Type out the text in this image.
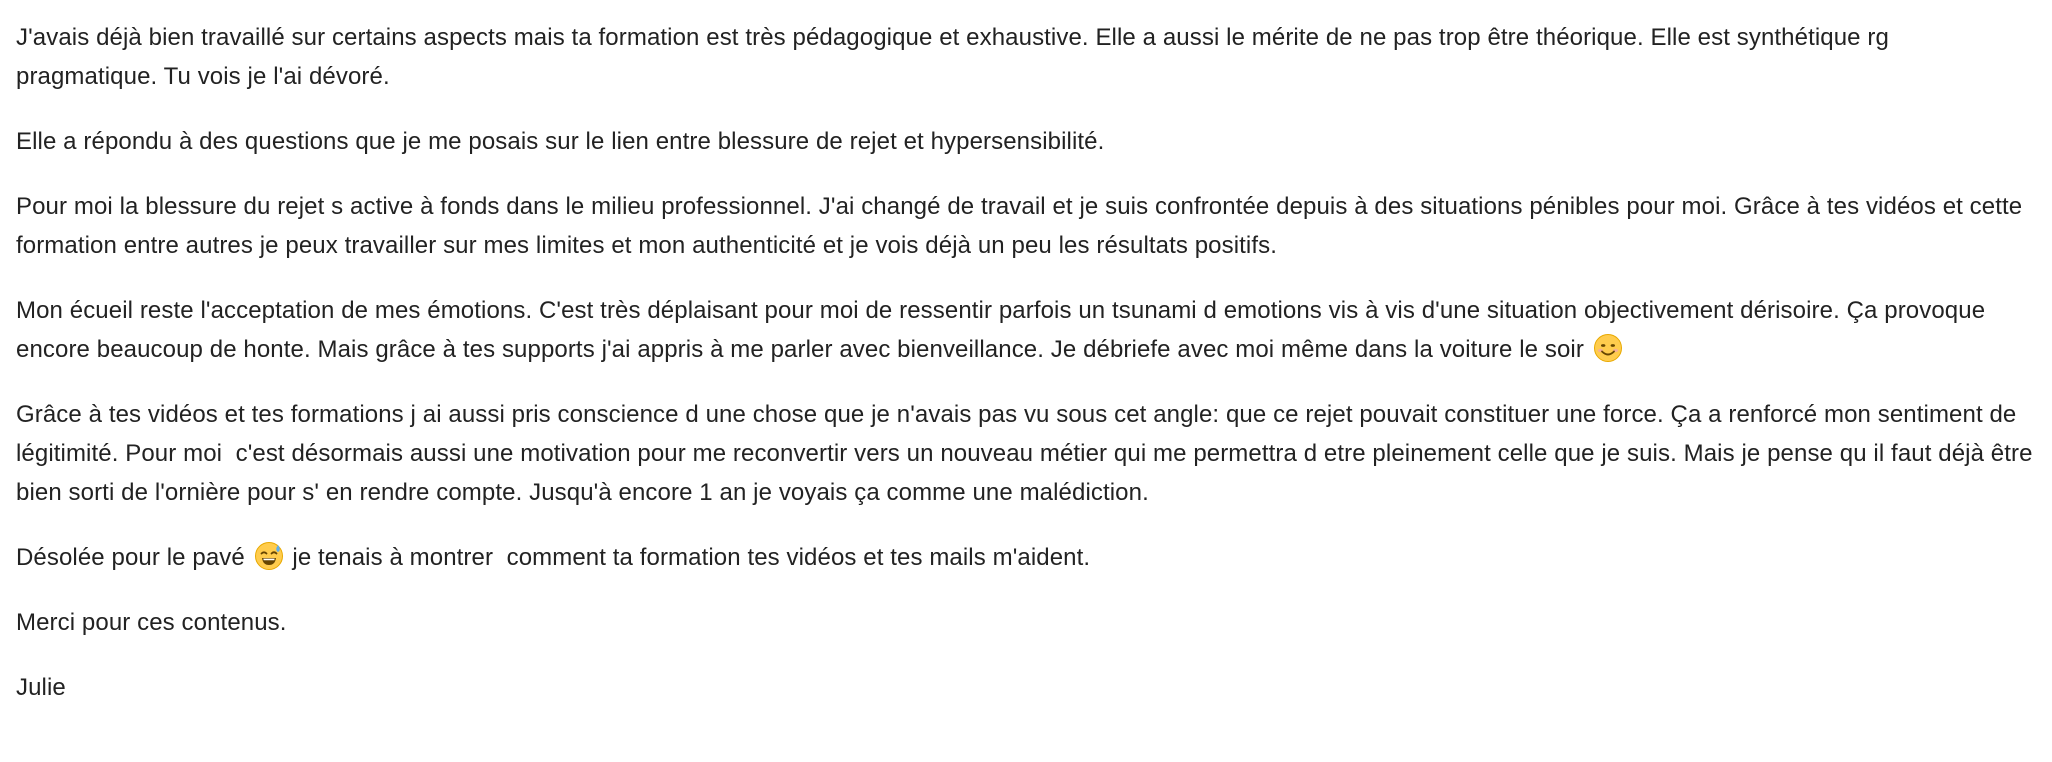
J'avais déjà bien travaillé sur certains aspects mais ta formation est très pédagogique et exhaustive. Elle a aussi le mérite de ne pas trop être théorique. Elle est synthétique rg pragmatique. Tu vois je l'ai dévoré.

Elle a répondu à des questions que je me posais sur le lien entre blessure de rejet et hypersensibilité.

Pour moi la blessure du rejet s active à fonds dans le milieu professionnel. J'ai changé de travail et je suis confrontée depuis à des situations pénibles pour moi. Grâce à tes vidéos et cette formation entre autres je peux travailler sur mes limites et mon authenticité et je vois déjà un peu les résultats positifs.

Mon écueil reste l'acceptation de mes émotions. C'est très déplaisant pour moi de ressentir parfois un tsunami d emotions vis à vis d'une situation objectivement dérisoire. Ça provoque encore beaucoup de honte. Mais grâce à tes supports j'ai appris à me parler avec bienveillance. Je débriefe avec moi même dans la voiture le soir

Grâce à tes vidéos et tes formations j ai aussi pris conscience d une chose que je n'avais pas vu sous cet angle: que ce rejet pouvait constituer une force. Ça a renforcé mon sentiment de légitimité. Pour moi  c'est désormais aussi une motivation pour me reconvertir vers un nouveau métier qui me permettra d etre pleinement celle que je suis. Mais je pense qu il faut déjà être bien sorti de l'ornière pour s' en rendre compte. Jusqu'à encore 1 an je voyais ça comme une malédiction.

Désolée pour le pavé je tenais à montrer  comment ta formation tes vidéos et tes mails m'aident.

Merci pour ces contenus.

Julie
